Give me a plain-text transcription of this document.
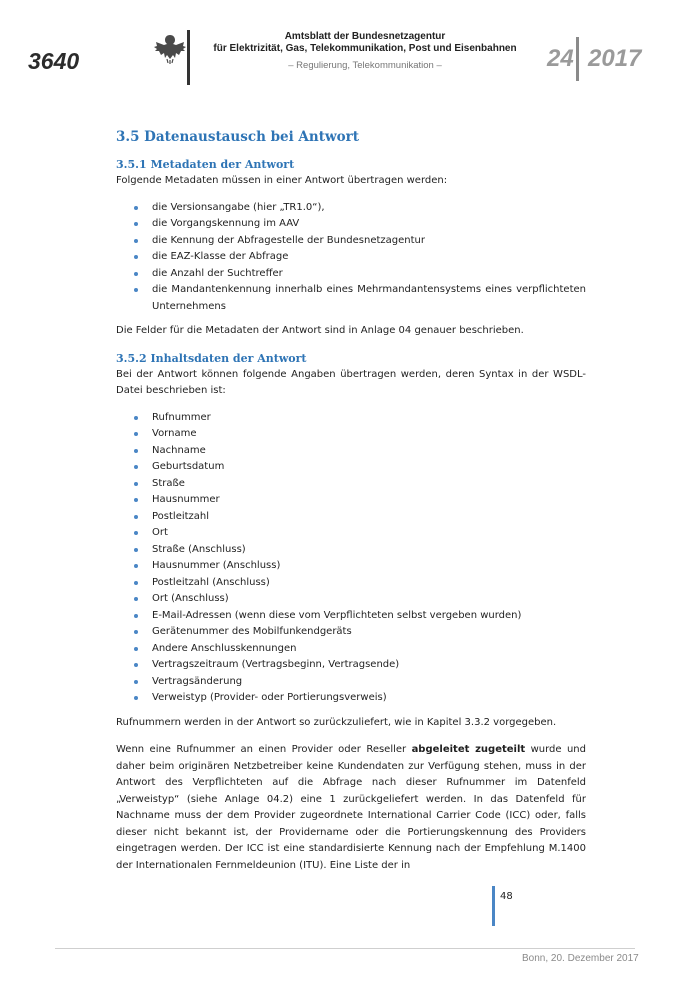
3640
Amtsblatt der Bundesnetzagentur
für Elektrizität, Gas, Telekommunikation, Post und Eisenbahnen
– Regulierung, Telekommunikation –	24 2017
3.5 Datenaustausch bei Antwort
3.5.1 Metadaten der Antwort

Folgende Metadaten müssen in einer Antwort übertragen werden:

die Versionsangabe (hier „TR1.0“),
die Vorgangskennung im AAV
die Kennung der Abfragestelle der Bundesnetzagentur
die EAZ-Klasse der Abfrage
die Anzahl der Suchtreffer
die Mandantenkennung innerhalb eines Mehrmandantensystems eines verpflichteten Unternehmens

Die Felder für die Metadaten der Antwort sind in Anlage 04 genauer beschrieben.

3.5.2 Inhaltsdaten der Antwort

Bei der Antwort können folgende Angaben übertragen werden, deren Syntax in der WSDL-Datei beschrieben ist:

Rufnummer
Vorname
Nachname
Geburtsdatum
Straße
Hausnummer
Postleitzahl
Ort
Straße (Anschluss)
Hausnummer (Anschluss)
Postleitzahl (Anschluss)
Ort (Anschluss)
E-Mail-Adressen (wenn diese vom Verpflichteten selbst vergeben wurden)
Gerätenummer des Mobilfunkendgeräts
Andere Anschlusskennungen
Vertragszeitraum (Vertragsbeginn, Vertragsende)
Vertragsänderung
Verweistyp (Provider- oder Portierungsverweis)

Rufnummern werden in der Antwort so zurückzuliefert, wie in Kapitel 3.3.2 vorgegeben.

Wenn eine Rufnummer an einen Provider oder Reseller abgeleitet zugeteilt wurde und daher beim originären Netzbetreiber keine Kundendaten zur Verfügung stehen, muss in der Antwort des Verpflichteten auf die Abfrage nach dieser Rufnummer im Datenfeld „Verweistyp“ (siehe Anlage 04.2) eine 1 zurückgeliefert werden. In das Datenfeld für Nachname muss der dem Provider zugeordnete International Carrier Code (ICC) oder, falls dieser nicht bekannt ist, der Providername oder die Portierungskennung des Providers eingetragen werden. Der ICC ist eine standardisierte Kennung nach der Empfehlung M.1400 der Internationalen Fernmeldeunion (ITU). Eine Liste der in

48
Bonn, 20. Dezember 2017
